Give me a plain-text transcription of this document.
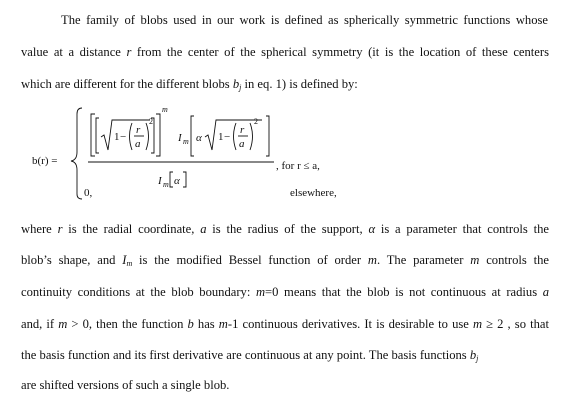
The family of blobs used in our work is defined as spherically symmetric functions whose
value at a distance r from the center of the spherical symmetry (it is the location of these centers
which are different for the different blobs $b_j$ in eq. 1) is defined by:
b(r) =
1 −
r
a
2
m
I m α 1 −
r
a
2
I m α
, for r ≤ a,
0,	elsewhere,
where r is the radial coordinate, a is the radius of the support, α is a parameter that controls the
blob’s shape, and $I_m$ is the modified Bessel function of order m. The parameter m controls the
continuity conditions at the blob boundary: m=0 means that the blob is not continuous at radius a
and, if m > 0, then the function b has m-1 continuous derivatives. It is desirable to use m ≥ 2 , so that
the basis function and its first derivative are continuous at any point. The basis functions $b_j$
are shifted versions of such a single blob.
